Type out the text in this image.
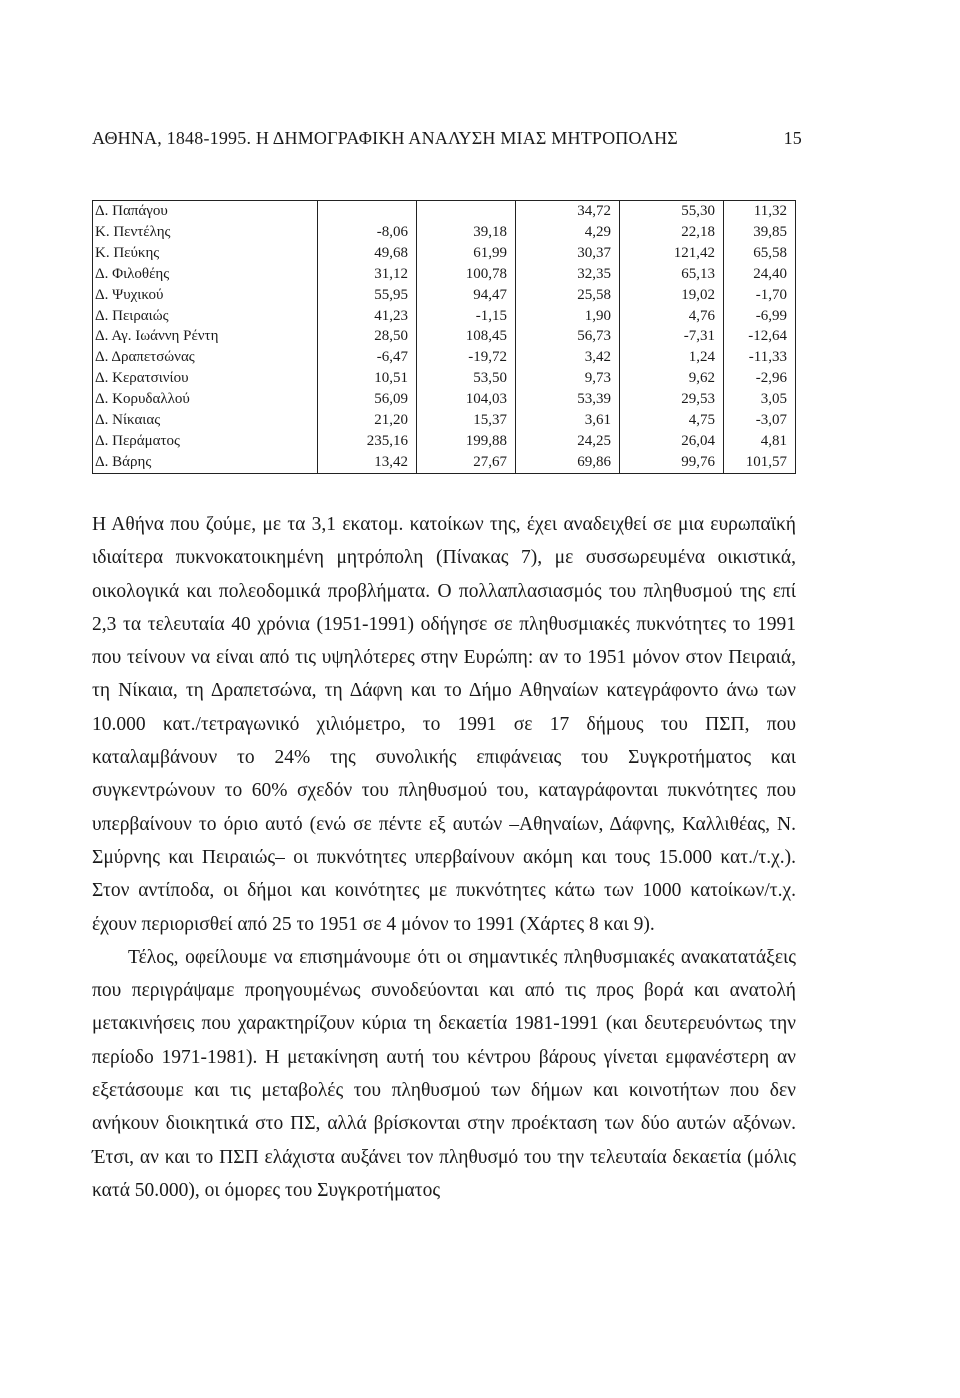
ΑΘΗΝΑ, 1848-1995. Η ΔΗΜΟΓΡΑΦΙΚΗ ΑΝΑΛΥΣΗ ΜΙΑΣ ΜΗΤΡΟΠΟΛΗΣ	15
Δ. Παπάγου			34,72	55,30	11,32
Κ. Πεντέλης	-8,06	39,18	4,29	22,18	39,85
Κ. Πεύκης	49,68	61,99	30,37	121,42	65,58
Δ. Φιλοθέης	31,12	100,78	32,35	65,13	24,40
Δ. Ψυχικού	55,95	94,47	25,58	19,02	-1,70
Δ. Πειραιώς	41,23	-1,15	1,90	4,76	-6,99
Δ. Αγ. Ιωάννη Ρέντη	28,50	108,45	56,73	-7,31	-12,64
Δ. Δραπετσώνας	-6,47	-19,72	3,42	1,24	-11,33
Δ. Κερατσινίου	10,51	53,50	9,73	9,62	-2,96
Δ. Κορυδαλλού	56,09	104,03	53,39	29,53	3,05
Δ. Νίκαιας	21,20	15,37	3,61	4,75	-3,07
Δ. Περάματος	235,16	199,88	24,25	26,04	4,81
Δ. Βάρης	13,42	27,67	69,86	99,76	101,57

Η Αθήνα που ζούμε, με τα 3,1 εκατομ. κατοίκων της, έχει αναδειχθεί σε μια ευρωπαϊκή ιδιαίτερα πυκνοκατοικημένη μητρόπολη (Πίνακας 7), με συσσωρευμένα οικιστικά, οικολογικά και πολεοδομικά προβλήματα. Ο πολλαπλασιασμός του πληθυσμού της επί 2,3 τα τελευταία 40 χρόνια (1951-1991) οδήγησε σε πληθυσμιακές πυκνότητες το 1991 που τείνουν να είναι από τις υψηλότερες στην Ευρώπη: αν το 1951 μόνον στον Πειραιά, τη Νίκαια, τη Δραπετσώνα, τη Δάφνη και το Δήμο Αθηναίων κατεγράφοντο άνω των 10.000 κατ./τετραγωνικό χιλιόμετρο, το 1991 σε 17 δήμους του ΠΣΠ, που καταλαμβάνουν το 24% της συνολικής επιφάνειας του Συγκροτήματος και συγκεντρώνουν το 60% σχεδόν του πληθυσμού του, καταγράφονται πυκνότητες που υπερβαίνουν το όριο αυτό (ενώ σε πέντε εξ αυτών –Αθηναίων, Δάφνης, Καλλιθέας, Ν. Σμύρνης και Πειραιώς– οι πυκνότητες υπερβαίνουν ακόμη και τους 15.000 κατ./τ.χ.). Στον αντίποδα, οι δήμοι και κοινότητες με πυκνότητες κάτω των 1000 κατοίκων/τ.χ. έχουν περιορισθεί από 25 το 1951 σε 4 μόνον το 1991 (Χάρτες 8 και 9).

Τέλος, οφείλουμε να επισημάνουμε ότι οι σημαντικές πληθυσμιακές ανακατατάξεις που περιγράψαμε προηγουμένως συνοδεύονται και από τις προς βορά και ανατολή μετακινήσεις που χαρακτηρίζουν κύρια τη δεκαετία 1981-1991 (και δευτερευόντως την περίοδο 1971-1981). Η μετακίνηση αυτή του κέντρου βάρους γίνεται εμφανέστερη αν εξετάσουμε και τις μεταβολές του πληθυσμού των δήμων και κοινοτήτων που δεν ανήκουν διοικητικά στο ΠΣ, αλλά βρίσκονται στην προέκταση των δύο αυτών αξόνων. Έτσι, αν και το ΠΣΠ ελάχιστα αυξάνει τον πληθυσμό του την τελευταία δεκαετία (μόλις κατά 50.000), οι όμορες του Συγκροτήματος
